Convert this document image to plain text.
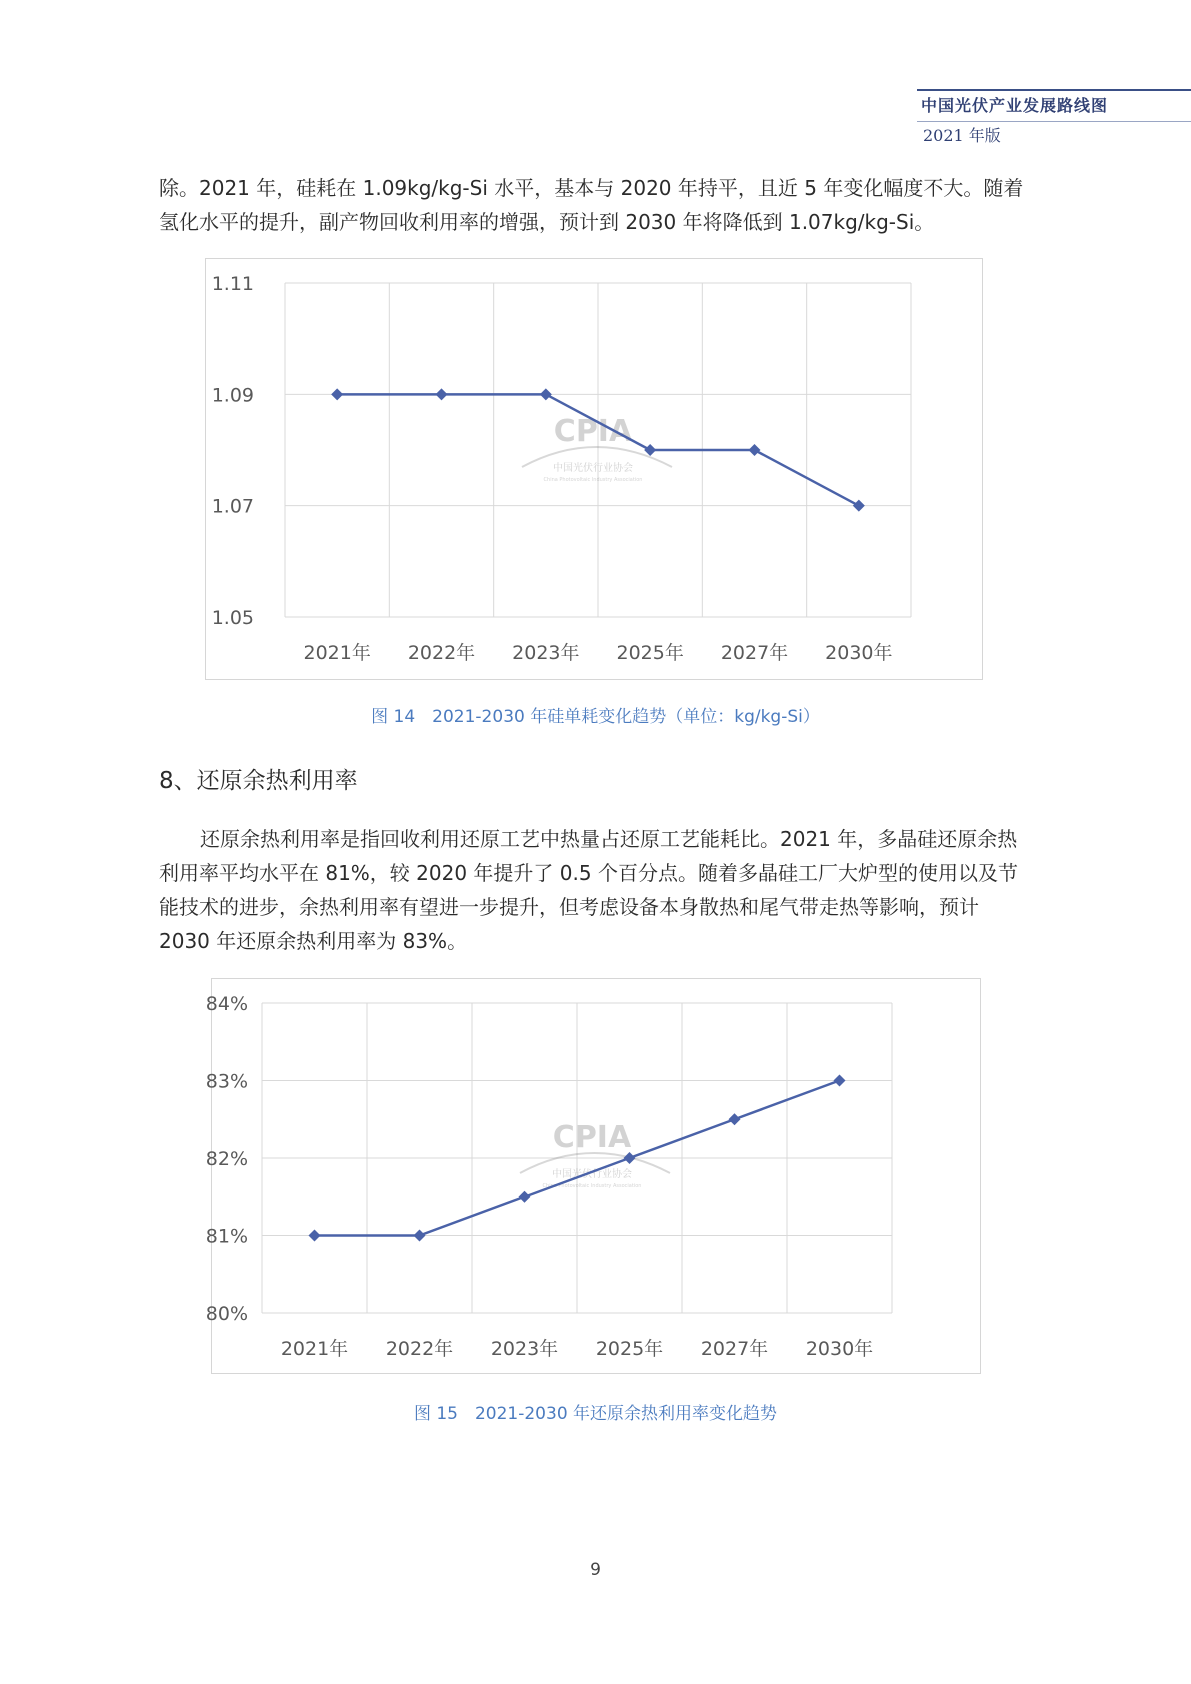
中国光伏产业发展路线图
2021 年版

除。2021 年，硅耗在 1.09kg/kg-Si 水平，基本与 2020 年持平，且近 5 年变化幅度不大。随着氢化水平的提升，副产物回收利用率的增强，预计到 2030 年将降低到 1.07kg/kg-Si。

CPIA
中国光伏行业协会
China Photovoltaic Industry Association
1.05
1.07
1.09
1.11
2021年 2022年 2023年 2025年 2027年 2030年
图 14　2021-2030 年硅单耗变化趋势（单位：kg/kg-Si）
8、还原余热利用率

还原余热利用率是指回收利用还原工艺中热量占还原工艺能耗比。2021 年，多晶硅还原余热利用率平均水平在 81%，较 2020 年提升了 0.5 个百分点。随着多晶硅工厂大炉型的使用以及节能技术的进步，余热利用率有望进一步提升，但考虑设备本身散热和尾气带走热等影响，预计 2030 年还原余热利用率为 83%。

CPIA
中国光伏行业协会
China Photovoltaic Industry Association
80%
81%
82%
83%
84%
2021年 2022年 2023年 2025年 2027年 2030年
图 15　2021-2030 年还原余热利用率变化趋势
9
